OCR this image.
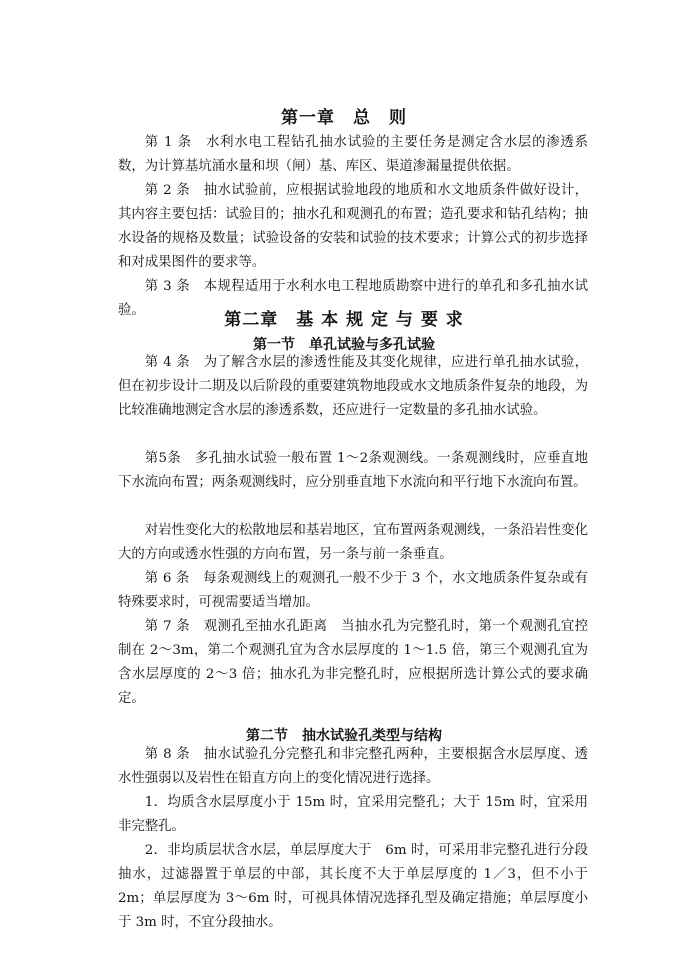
第一章　总　则

第 1 条　水利水电工程钻孔抽水试验的主要任务是测定含水层的渗透系数，为计算基坑涌水量和坝（闸）基、库区、渠道渗漏量提供依据。

第 2 条　抽水试验前，应根据试验地段的地质和水文地质条件做好设计，其内容主要包括：试验目的；抽水孔和观测孔的布置；造孔要求和钻孔结构；抽水设备的规格及数量；试验设备的安装和试验的技术要求；计算公式的初步选择和对成果图件的要求等。

第 3 条　本规程适用于水利水电工程地质勘察中进行的单孔和多孔抽水试验。	第二章　基 本 规 定 与 要 求
第一节　单孔试验与多孔试验

第 4 条　为了解含水层的渗透性能及其变化规律，应进行单孔抽水试验，但在初步设计二期及以后阶段的重要建筑物地段或水文地质条件复杂的地段，为比较准确地测定含水层的渗透系数，还应进行一定数量的多孔抽水试验。

第5条　多孔抽水试验一般布置 1～2条观测线。一条观测线时，应垂直地下水流向布置；两条观测线时，应分别垂直地下水流向和平行地下水流向布置。

对岩性变化大的松散地层和基岩地区，宜布置两条观测线，一条沿岩性变化大的方向或透水性强的方向布置，另一条与前一条垂直。

第 6 条　每条观测线上的观测孔一般不少于 3 个，水文地质条件复杂或有特殊要求时，可视需要适当增加。

第 7 条　观测孔至抽水孔距离　当抽水孔为完整孔时，第一个观测孔宜控制在 2～3m，第二个观测孔宜为含水层厚度的 1～1.5 倍，第三个观测孔宜为含水层厚度的 2～3 倍；抽水孔为非完整孔时，应根据所选计算公式的要求确定。

第二节　抽水试验孔类型与结构

第 8 条　抽水试验孔分完整孔和非完整孔两种，主要根据含水层厚度、透水性强弱以及岩性在铅直方向上的变化情况进行选择。

1．均质含水层厚度小于 15m 时，宜采用完整孔；大于 15m 时，宜采用非完整孔。

2．非均质层状含水层，单层厚度大于　6m 时，可采用非完整孔进行分段抽水，过滤器置于单层的中部，其长度不大于单层厚度的 1／3，但不小于 2m；单层厚度为 3～6m 时，可视具体情况选择孔型及确定措施；单层厚度小于 3m 时，不宜分段抽水。
